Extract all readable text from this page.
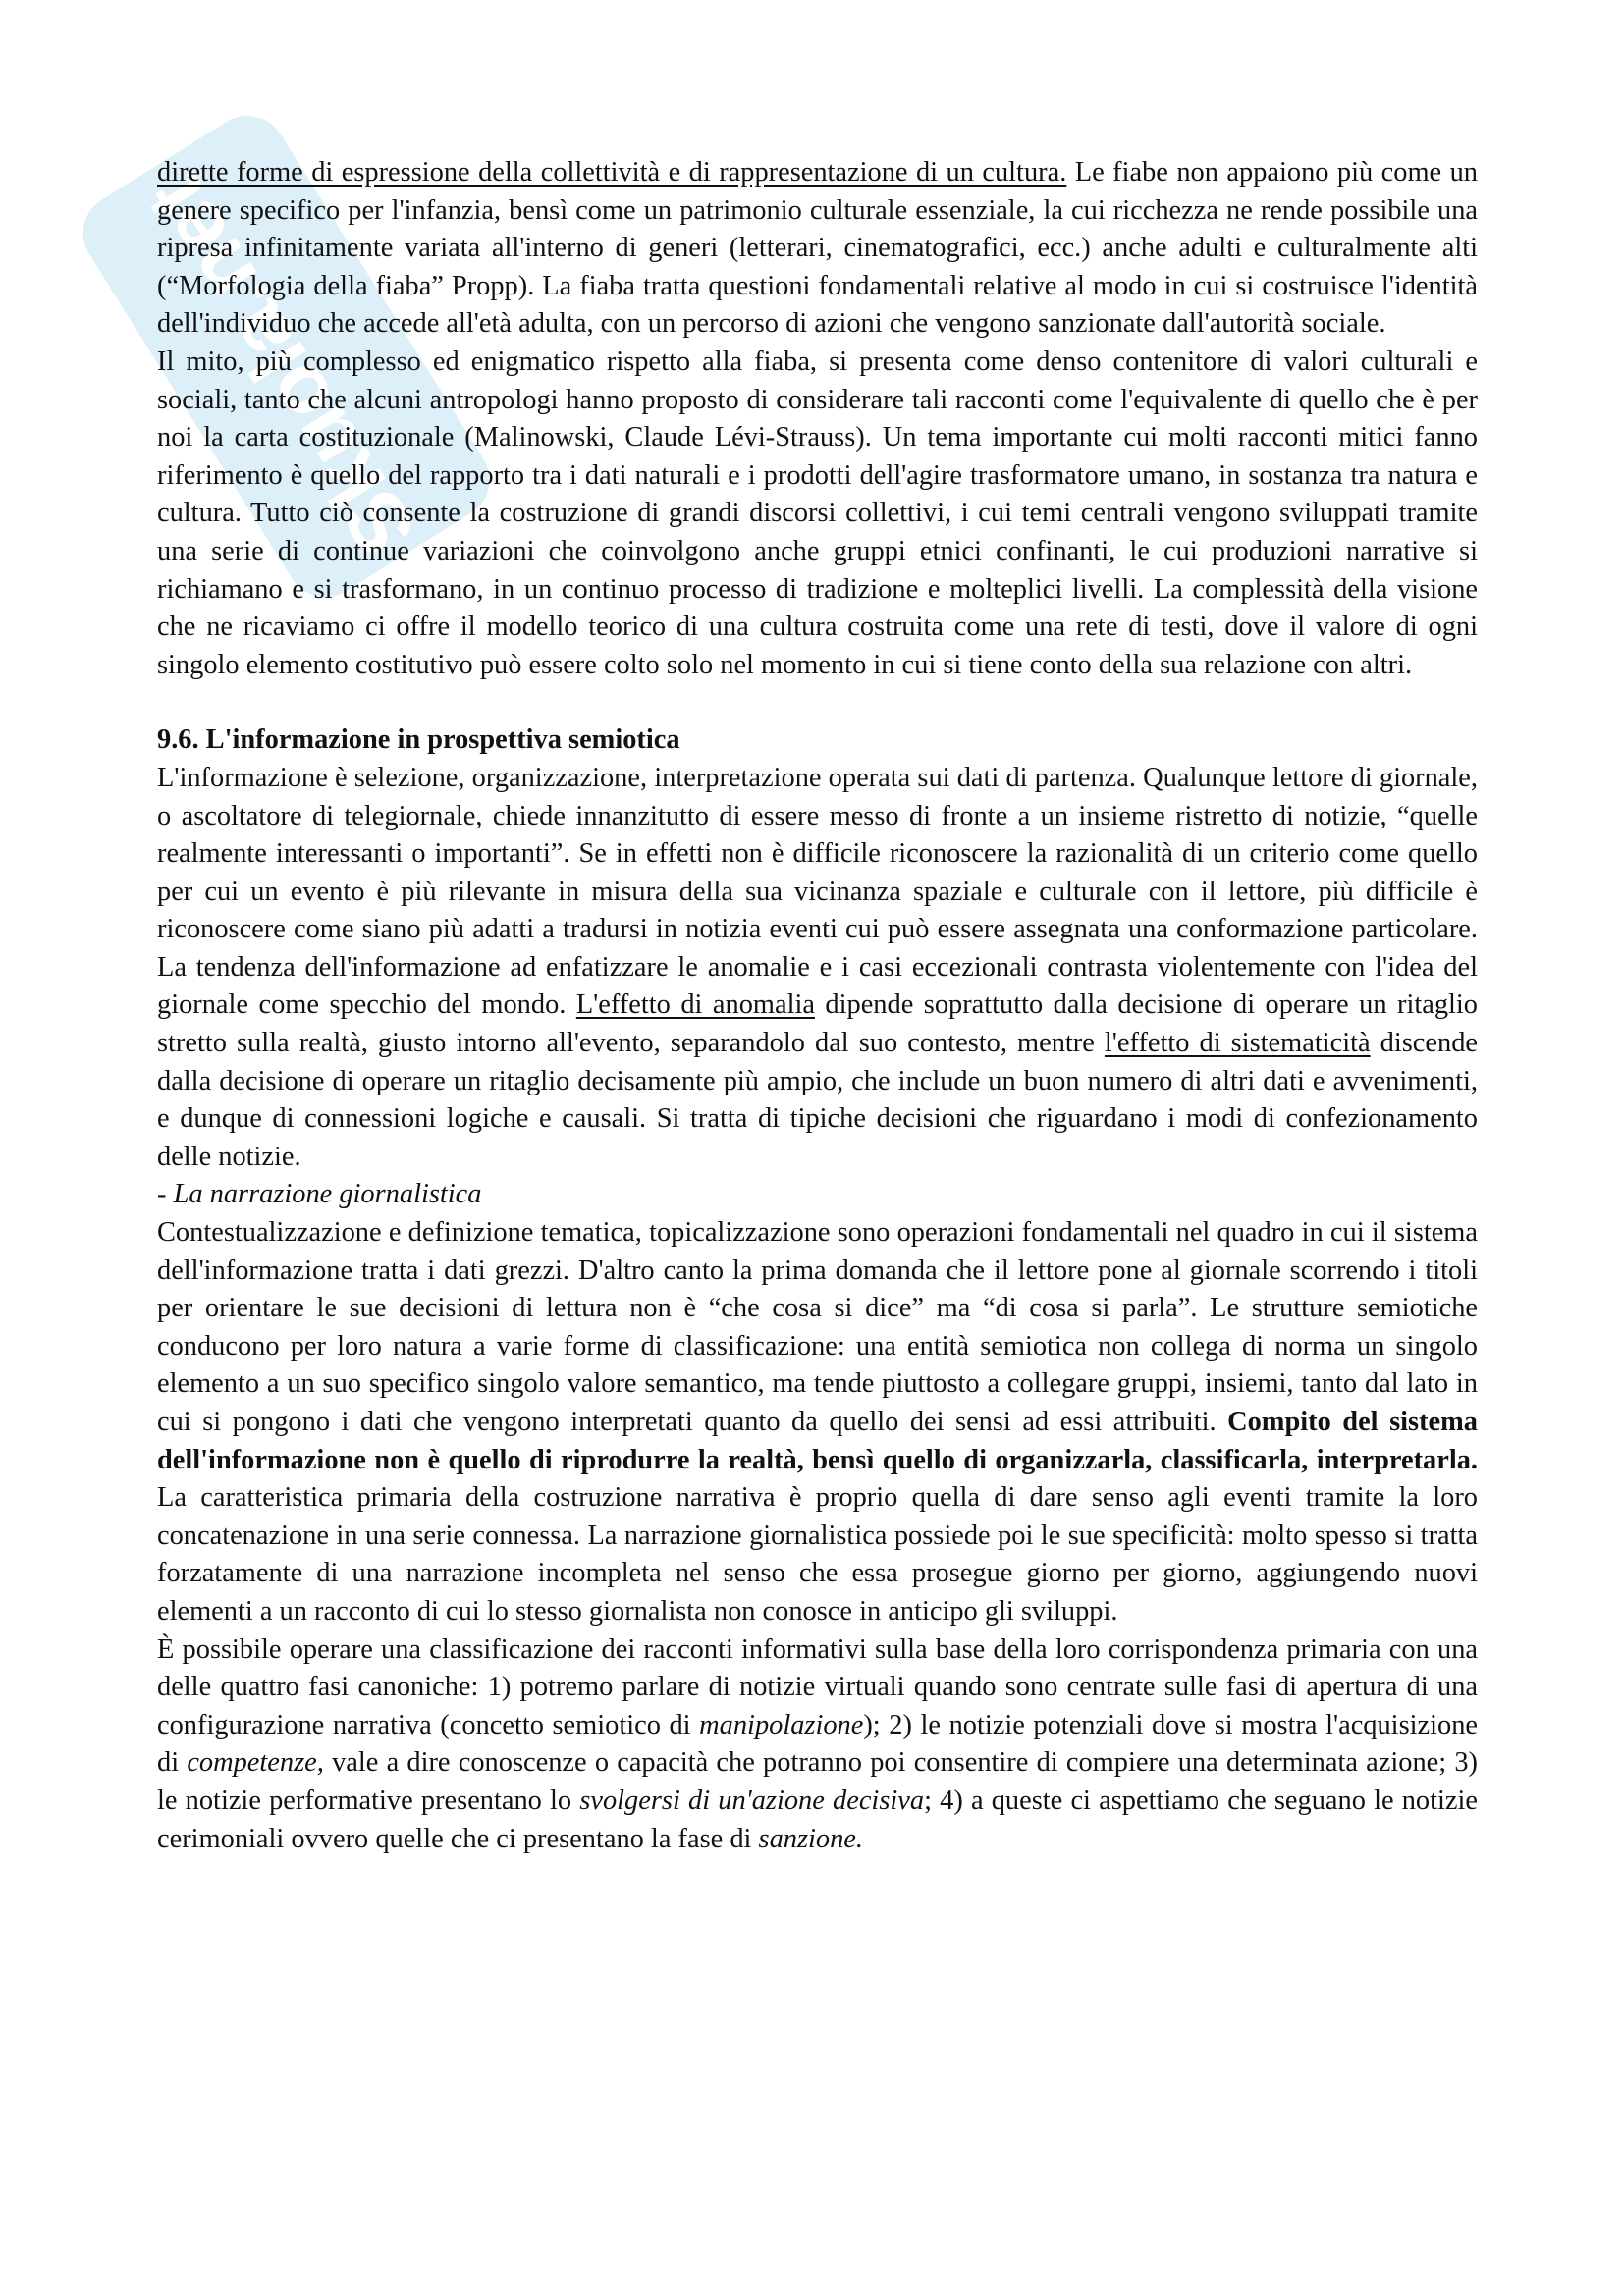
Skuola.net

dirette forme di espressione della collettività e di rappresentazione di un cultura. Le fiabe non appaiono più come un genere specifico per l'infanzia, bensì come un patrimonio culturale essenziale, la cui ricchezza ne rende possibile una ripresa infinitamente variata all'interno di generi (letterari, cinematografici, ecc.) anche adulti e culturalmente alti (“Morfologia della fiaba” Propp). La fiaba tratta questioni fondamentali relative al modo in cui si costruisce l'identità dell'individuo che accede all'età adulta, con un percorso di azioni che vengono sanzionate dall'autorità sociale.

Il mito, più complesso ed enigmatico rispetto alla fiaba, si presenta come denso contenitore di valori culturali e sociali, tanto che alcuni antropologi hanno proposto di considerare tali racconti come l'equivalente di quello che è per noi la carta costituzionale (Malinowski, Claude Lévi-Strauss). Un tema importante cui molti racconti mitici fanno riferimento è quello del rapporto tra i dati naturali e i prodotti dell'agire trasformatore umano, in sostanza tra natura e cultura. Tutto ciò consente la costruzione di grandi discorsi collettivi, i cui temi centrali vengono sviluppati tramite una serie di continue variazioni che coinvolgono anche gruppi etnici confinanti, le cui produzioni narrative si richiamano e si trasformano, in un continuo processo di tradizione e molteplici livelli. La complessità della visione che ne ricaviamo ci offre il modello teorico di una cultura costruita come una rete di testi, dove il valore di ogni singolo elemento costitutivo può essere colto solo nel momento in cui si tiene conto della sua relazione con altri.

9.6. L'informazione in prospettiva semiotica

L'informazione è selezione, organizzazione, interpretazione operata sui dati di partenza. Qualunque lettore di giornale, o ascoltatore di telegiornale, chiede innanzitutto di essere messo di fronte a un insieme ristretto di notizie, “quelle realmente interessanti o importanti”. Se in effetti non è difficile riconoscere la razionalità di un criterio come quello per cui un evento è più rilevante in misura della sua vicinanza spaziale e culturale con il lettore, più difficile è riconoscere come siano più adatti a tradursi in notizia eventi cui può essere assegnata una conformazione particolare. La tendenza dell'informazione ad enfatizzare le anomalie e i casi eccezionali contrasta violentemente con l'idea del giornale come specchio del mondo. L'effetto di anomalia dipende soprattutto dalla decisione di operare un ritaglio stretto sulla realtà, giusto intorno all'evento, separandolo dal suo contesto, mentre l'effetto di sistematicità discende dalla decisione di operare un ritaglio decisamente più ampio, che include un buon numero di altri dati e avvenimenti, e dunque di connessioni logiche e causali. Si tratta di tipiche decisioni che riguardano i modi di confezionamento delle notizie.

- La narrazione giornalistica

Contestualizzazione e definizione tematica, topicalizzazione sono operazioni fondamentali nel quadro in cui il sistema dell'informazione tratta i dati grezzi. D'altro canto la prima domanda che il lettore pone al giornale scorrendo i titoli per orientare le sue decisioni di lettura non è “che cosa si dice” ma “di cosa si parla”. Le strutture semiotiche conducono per loro natura a varie forme di classificazione: una entità semiotica non collega di norma un singolo elemento a un suo specifico singolo valore semantico, ma tende piuttosto a collegare gruppi, insiemi, tanto dal lato in cui si pongono i dati che vengono interpretati quanto da quello dei sensi ad essi attribuiti. Compito del sistema dell'informazione non è quello di riprodurre la realtà, bensì quello di organizzarla, classificarla, interpretarla. La caratteristica primaria della costruzione narrativa è proprio quella di dare senso agli eventi tramite la loro concatenazione in una serie connessa. La narrazione giornalistica possiede poi le sue specificità: molto spesso si tratta forzatamente di una narrazione incompleta nel senso che essa prosegue giorno per giorno, aggiungendo nuovi elementi a un racconto di cui lo stesso giornalista non conosce in anticipo gli sviluppi.

È possibile operare una classificazione dei racconti informativi sulla base della loro corrispondenza primaria con una delle quattro fasi canoniche: 1) potremo parlare di notizie virtuali quando sono centrate sulle fasi di apertura di una configurazione narrativa (concetto semiotico di manipolazione); 2) le notizie potenziali dove si mostra l'acquisizione di competenze, vale a dire conoscenze o capacità che potranno poi consentire di compiere una determinata azione; 3) le notizie performative presentano lo svolgersi di un'azione decisiva; 4) a queste ci aspettiamo che seguano le notizie cerimoniali ovvero quelle che ci presentano la fase di sanzione.
